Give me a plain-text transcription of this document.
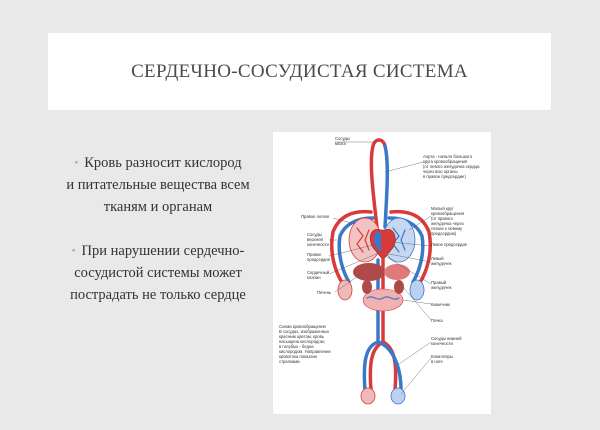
СЕРДЕЧНО-СОСУДИСТАЯ СИСТЕМА
• Кровь разносит кислород
и питательные вещества всем
тканям и органам
• При нарушении сердечно-
сосудистой системы может
пострадать не только сердце
Сосуды мозга
Аорта - начало большого круга кровообращения (от левого желудочка сердца через всю органы в правое предсердие)
Правое легкое
Малый круг кровообращения (от правого желудочка через легкие к левому предсердию)
Сосуды верхней конечности
Правое предсердие
Левое предсердие
Левый желудочек
Сердечный клапан
Печень
Правый желудочек
Кишечник
Почка
Сосуды нижней конечности
Капилляры в ноге
Схема кровообращения В сосудах, изображенных красным цветом, кровь насыщена кислородом; в голубых - бедна кислородом. Направление кровотока показано стрелками.
